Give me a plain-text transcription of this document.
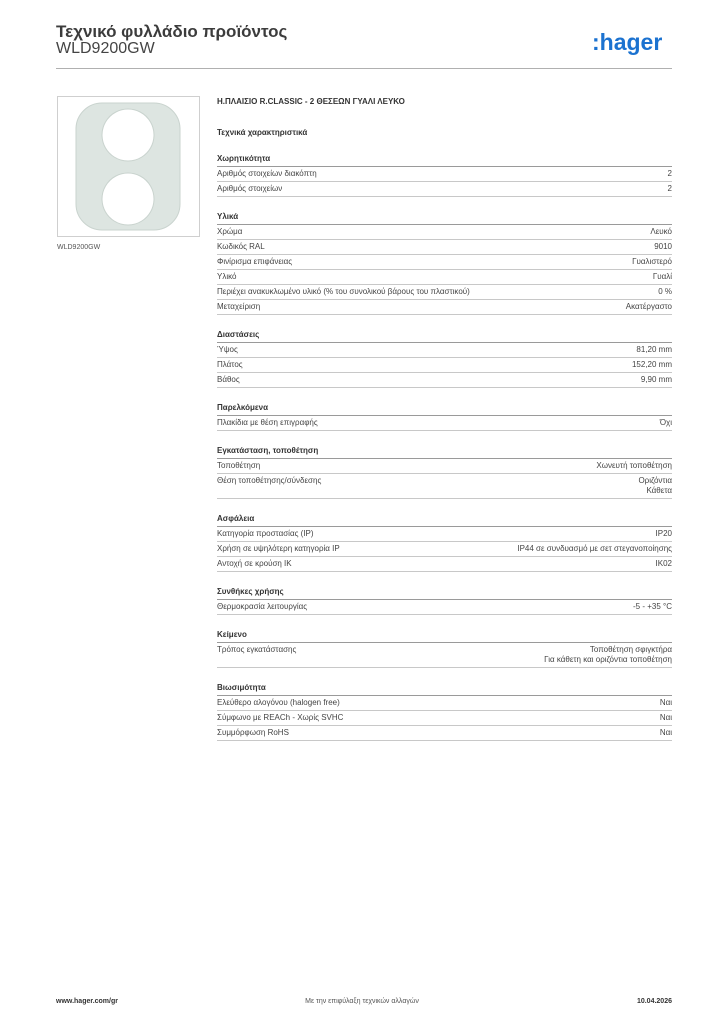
Τεχνικό φυλλάδιο προϊόντος
WLD9200GW	:hager
WLD9200GW
Η.ΠΛΑΙΣΙΟ R.CLASSIC - 2 ΘΕΣΕΩΝ ΓΥΑΛΙ ΛΕΥΚΟ
Τεχνικά χαρακτηριστικά
Χωρητικότητα
Αριθμός στοιχείων διακόπτη	2
Αριθμός στοιχείων	2
Υλικά
Χρώμα	Λευκό
Κωδικός RAL	9010
Φινίρισμα επιφάνειας	Γυαλιστερό
Υλικό	Γυαλί
Περιέχει ανακυκλωμένο υλικό (% του συνολικού βάρους του πλαστικού)	0 %
Μεταχείριση	Ακατέργαστο
Διαστάσεις
Ύψος	81,20 mm
Πλάτος	152,20 mm
Βάθος	9,90 mm
Παρελκόμενα
Πλακίδια με θέση επιγραφής	Όχι
Εγκατάσταση, τοποθέτηση
Τοποθέτηση	Χωνευτή τοποθέτηση
Θέση τοποθέτησης/σύνδεσης	Οριζόντια
Κάθετα
Ασφάλεια
Κατηγορία προστασίας (IP)	IP20
Χρήση σε υψηλότερη κατηγορία IP	IP44 σε συνδυασμό με σετ στεγανοποίησης
Αντοχή σε κρούση IK	IK02
Συνθήκες χρήσης
Θερμοκρασία λειτουργίας	-5 - +35 °C
Κείμενο
Τρόπος εγκατάστασης	Τοποθέτηση σφιγκτήρα
Για κάθετη και οριζόντια τοποθέτηση
Βιωσιμότητα
Ελεύθερο αλογόνου (halogen free)	Ναι
Σύμφωνο με REACh - Χωρίς SVHC	Ναι
Συμμόρφωση RoHS	Ναι
www.hager.com/gr	Με την επιφύλαξη τεχνικών αλλαγών	10.04.2026
